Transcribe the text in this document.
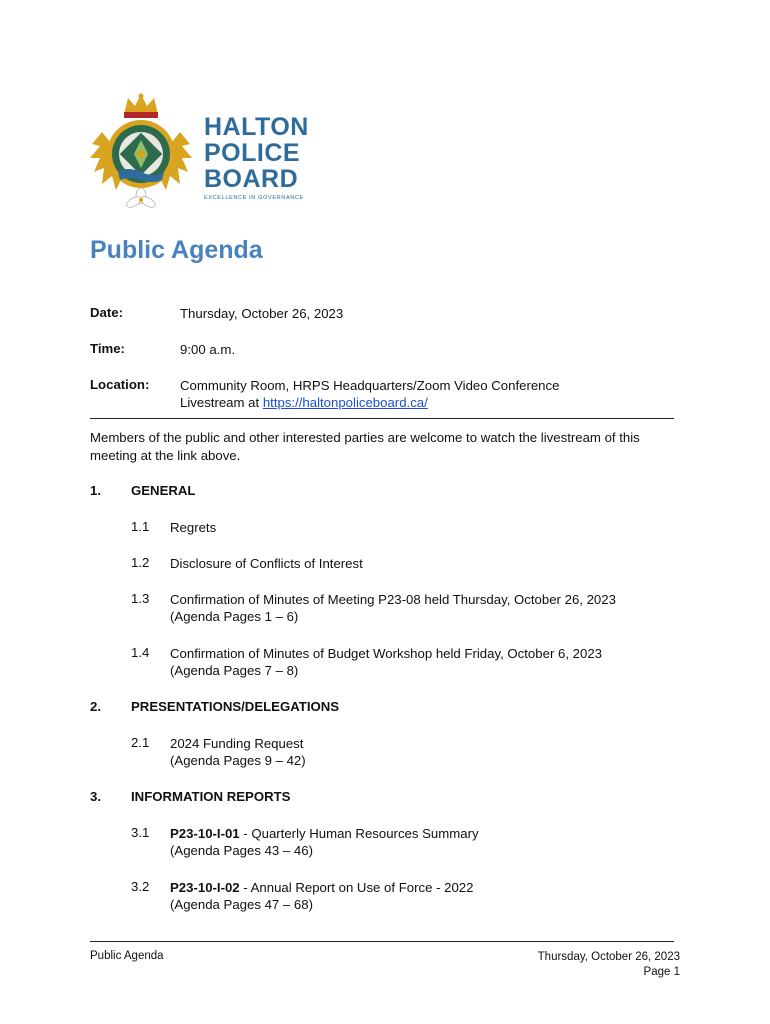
HALTON
POLICE
BOARD
EXCELLENCE IN GOVERNANCE
Public Agenda
Date:	Thursday, October 26, 2023
Time:	9:00 a.m.
Location: Community Room, HRPS Headquarters/Zoom Video Conference
Livestream at https://haltonpoliceboard.ca/
Members of the public and other interested parties are welcome to watch the livestream of this meeting at the link above.
1. GENERAL
1.1 Regrets
1.2 Disclosure of Conflicts of Interest
1.3 Confirmation of Minutes of Meeting P23-08 held Thursday, October 26, 2023
(Agenda Pages 1 – 6)
1.4 Confirmation of Minutes of Budget Workshop held Friday, October 6, 2023
(Agenda Pages 7 – 8)
2. PRESENTATIONS/DELEGATIONS
2.1 2024 Funding Request
(Agenda Pages 9 – 42)
3. INFORMATION REPORTS
3.1 P23-10-I-01 - Quarterly Human Resources Summary
(Agenda Pages 43 – 46)
3.2 P23-10-I-02 - Annual Report on Use of Force - 2022
(Agenda Pages 47 – 68)
Public Agenda	Thursday, October 26, 2023
Page 1
